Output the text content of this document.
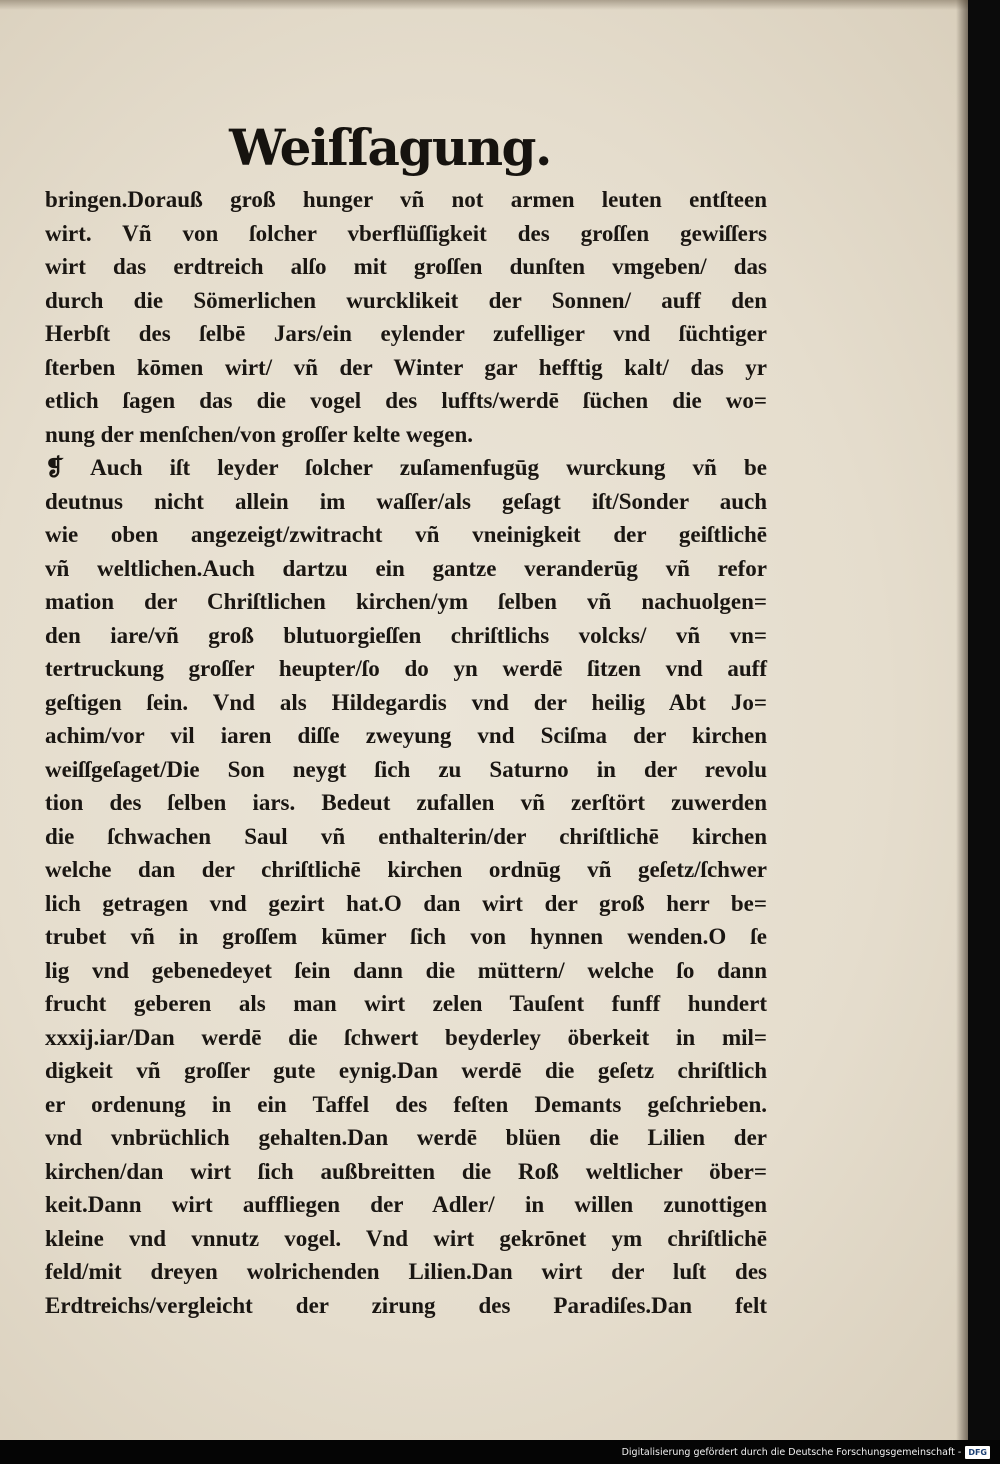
Weiſſagung.
bringen.Dorauß groß hunger vñ not armen leuten entſteen
wirt. Vñ von ſolcher vberflüſſigkeit des groſſen gewiſſers
wirt das erdtreich alſo mit groſſen dunſten vmgeben/ das
durch die Sömerlichen wurcklikeit der Sonnen/ auff den
Herbſt des ſelbē Jars/ein eylender zufelliger vnd ſüchtiger
ſterben kōmen wirt/ vñ der Winter gar hefftig kalt/ das yr
etlich ſagen das die vogel des luffts/werdē ſüchen die wo=
nung der menſchen/von groſſer kelte wegen.
❡ Auch iſt leyder ſolcher zuſamenfugūg wurckung vñ be
deutnus nicht allein im waſſer/als geſagt iſt/Sonder auch
wie oben angezeigt/zwitracht vñ vneinigkeit der geiſtlichē
vñ weltlichen.Auch dartzu ein gantze veranderūg vñ refor
mation der Chriſtlichen kirchen/ym ſelben vñ nachuolgen=
den iare/vñ groß blutuorgieſſen chriſtlichs volcks/ vñ vn=
tertruckung groſſer heupter/ſo do yn werdē ſitzen vnd auff
geſtigen ſein. Vnd als Hildegardis vnd der heilig Abt Jo=
achim/vor vil iaren diſſe zweyung vnd Sciſma der kirchen
weiſſgeſaget/Die Son neygt ſich zu Saturno in der revolu
tion des ſelben iars. Bedeut zufallen vñ zerſtört zuwerden
die ſchwachen Saul vñ enthalterin/der chriſtlichē kirchen
welche dan der chriſtlichē kirchen ordnūg vñ geſetz/ſchwer
lich getragen vnd gezirt hat.O dan wirt der groß herr be=
trubet vñ in groſſem kūmer ſich von hynnen wenden.O ſe
lig vnd gebenedeyet ſein dann die müttern/ welche ſo dann
frucht geberen als man wirt zelen Tauſent funff hundert
xxxij.iar/Dan werdē die ſchwert beyderley öberkeit in mil=
digkeit vñ groſſer gute eynig.Dan werdē die geſetz chriſtlich
er ordenung in ein Taffel des feſten Demants geſchrieben.
vnd vnbrüchlich gehalten.Dan werdē blüen die Lilien der
kirchen/dan wirt ſich außbreitten die Roß weltlicher öber=
keit.Dann wirt auffliegen der Adler/ in willen zunottigen
kleine vnd vnnutz vogel. Vnd wirt gekrōnet ym chriſtlichē
feld/mit dreyen wolrichenden Lilien.Dan wirt der luſt des
Erdtreichs/vergleicht der zirung des Paradiſes.Dan felt
Digitalisierung gefördert durch die Deutsche Forschungsgemeinschaft - DFG
